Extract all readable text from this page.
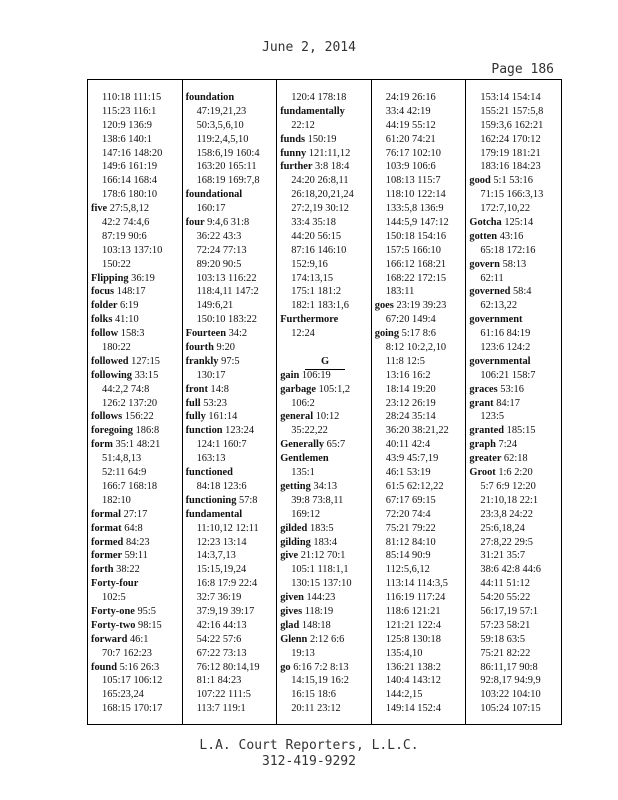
June 2, 2014
Page 186
110:18 111:15
115:23 116:1
120:9 136:9
138:6 140:1
147:16 148:20
149:6 161:19
166:14 168:4
178:6 180:10
five 27:5,8,12
42:2 74:4,6
87:19 90:6
103:13 137:10
150:22
Flipping 36:19
focus 148:17
folder 6:19
folks 41:10
follow 158:3
180:22
followed 127:15
following 33:15
44:2,2 74:8
126:2 137:20
follows 156:22
foregoing 186:8
form 35:1 48:21
51:4,8,13
52:11 64:9
166:7 168:18
182:10
formal 27:17
format 64:8
formed 84:23
former 59:11
forth 38:22
Forty-four
102:5
Forty-one 95:5
Forty-two 98:15
forward 46:1
70:7 162:23
found 5:16 26:3
105:17 106:12
165:23,24
168:15 170:17
foundation
47:19,21,23
50:3,5,6,10
119:2,4,5,10
158:6,19 160:4
163:20 165:11
168:19 169:7,8
foundational
160:17
four 9:4,6 31:8
36:22 43:3
72:24 77:13
89:20 90:5
103:13 116:22
118:4,11 147:2
149:6,21
150:10 183:22
Fourteen 34:2
fourth 9:20
frankly 97:5
130:17
front 14:8
full 53:23
fully 161:14
function 123:24
124:1 160:7
163:13
functioned
84:18 123:6
functioning 57:8
fundamental
11:10,12 12:11
12:23 13:14
14:3,7,13
15:15,19,24
16:8 17:9 22:4
32:7 36:19
37:9,19 39:17
42:16 44:13
54:22 57:6
67:22 73:13
76:12 80:14,19
81:1 84:23
107:22 111:5
113:7 119:1
120:4 178:18
fundamentally
22:12
funds 150:19
funny 121:11,12
further 3:8 18:4
24:20 26:8,11
26:18,20,21,24
27:2,19 30:12
33:4 35:18
44:20 56:15
87:16 146:10
152:9,16
174:13,15
175:1 181:2
182:1 183:1,6
Furthermore
12:24
G
gain 106:19
garbage 105:1,2
106:2
general 10:12
35:22,22
Generally 65:7
Gentlemen
135:1
getting 34:13
39:8 73:8,11
169:12
gilded 183:5
gilding 183:4
give 21:12 70:1
105:1 118:1,1
130:15 137:10
given 144:23
gives 118:19
glad 148:18
Glenn 2:12 6:6
19:13
go 6:16 7:2 8:13
14:15,19 16:2
16:15 18:6
20:11 23:12
24:19 26:16
33:4 42:19
44:19 55:12
61:20 74:21
76:17 102:10
103:9 106:6
108:13 115:7
118:10 122:14
133:5,8 136:9
144:5,9 147:12
150:18 154:16
157:5 166:10
166:12 168:21
168:22 172:15
183:11
goes 23:19 39:23
67:20 149:4
going 5:17 8:6
8:12 10:2,2,10
11:8 12:5
13:16 16:2
18:14 19:20
23:12 26:19
28:24 35:14
36:20 38:21,22
40:11 42:4
43:9 45:7,19
46:1 53:19
61:5 62:12,22
67:17 69:15
72:20 74:4
75:21 79:22
81:12 84:10
85:14 90:9
112:5,6,12
113:14 114:3,5
116:19 117:24
118:6 121:21
121:21 122:4
125:8 130:18
135:4,10
136:21 138:2
140:4 143:12
144:2,15
149:14 152:4
153:14 154:14
155:21 157:5,8
159:3,6 162:21
162:24 170:12
179:19 181:21
183:16 184:23
good 5:1 53:16
71:15 166:3,13
172:7,10,22
Gotcha 125:14
gotten 43:16
65:18 172:16
govern 58:13
62:11
governed 58:4
62:13,22
government
61:16 84:19
123:6 124:2
governmental
106:21 158:7
graces 53:16
grant 84:17
123:5
granted 185:15
graph 7:24
greater 62:18
Groot 1:6 2:20
5:7 6:9 12:20
21:10,18 22:1
23:3,8 24:22
25:6,18,24
27:8,22 29:5
31:21 35:7
38:6 42:8 44:6
44:11 51:12
54:20 55:22
56:17,19 57:1
57:23 58:21
59:18 63:5
75:21 82:22
86:11,17 90:8
92:8,17 94:9,9
103:22 104:10
105:24 107:15
L.A. Court Reporters, L.L.C.
312-419-9292
